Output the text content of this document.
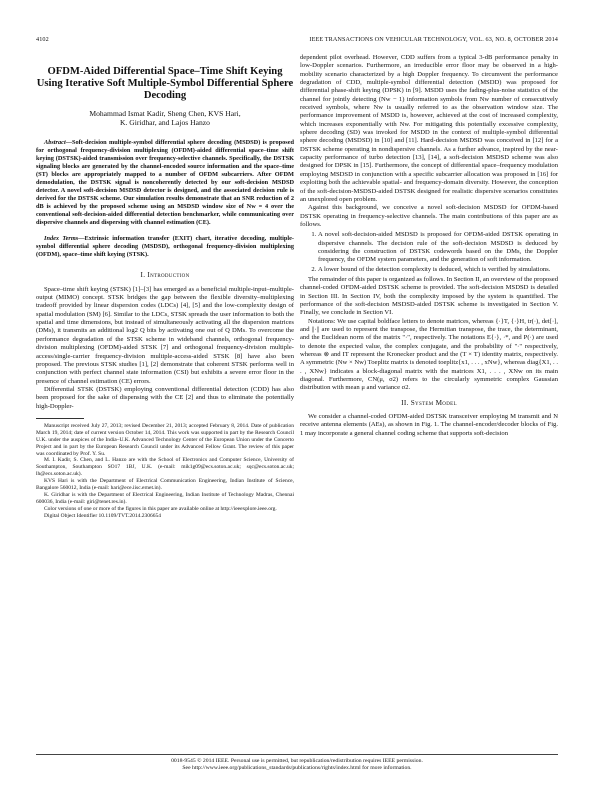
4102	IEEE TRANSACTIONS ON VEHICULAR TECHNOLOGY, VOL. 63, NO. 8, OCTOBER 2014
OFDM-Aided Differential Space–Time Shift Keying Using Iterative Soft Multiple-Symbol Differential Sphere Decoding
Mohammad Ismat Kadir, Sheng Chen, KVS Hari,
K. Giridhar, and Lajos Hanzo
Abstract—Soft-decision multiple-symbol differential sphere decoding (MSDSD) is proposed for orthogonal frequency-division multiplexing (OFDM)-aided differential space–time shift keying (DSTSK)-aided transmission over frequency-selective channels. Specifically, the DSTSK signaling blocks are generated by the channel-encoded source information and the space–time (ST) blocks are appropriately mapped to a number of OFDM subcarriers. After OFDM demodulation, the DSTSK signal is noncoherently detected by our soft-decision MSDSD detector. A novel soft-decision MSDSD detector is designed, and the associated decision rule is derived for the DSTSK scheme. Our simulation results demonstrate that an SNR reduction of 2 dB is achieved by the proposed scheme using an MSDSD window size of Nw = 4 over the conventional soft-decision-aided differential detection benchmarker, while communicating over dispersive channels and dispersing with channel estimation (CE).
Index Terms—Extrinsic information transfer (EXIT) chart, iterative decoding, multiple-symbol differential sphere decoding (MSDSD), orthogonal frequency-division multiplexing (OFDM), space–time shift keying (STSK).
I. Introduction

Space–time shift keying (STSK) [1]–[3] has emerged as a beneficial multiple-input–multiple-output (MIMO) concept. STSK bridges the gap between the flexible diversity–multiplexing tradeoff provided by linear dispersion codes (LDCs) [4], [5] and the low-complexity design of spatial modulation (SM) [6]. Similar to the LDCs, STSK spreads the user information to both the spatial and time dimensions, but instead of simultaneously activating all the dispersion matrices (DMs), it transmits an additional log2 Q bits by activating one out of Q DMs. To overcome the performance degradation of the STSK scheme in wideband channels, orthogonal frequency-division multiplexing (OFDM)-aided STSK [7] and orthogonal frequency-division multiple-access/single-carrier frequency-division multiple-access-aided STSK [8] have also been proposed. The previous STSK studies [1], [2] demonstrate that coherent STSK performs well in conjunction with perfect channel state information (CSI) but exhibits a severe error floor in the presence of channel estimation (CE) errors.

Differential STSK (DSTSK) employing conventional differential detection (CDD) has also been proposed for the sake of dispensing with the CE [2] and thus to eliminate the potentially high-Doppler-

Manuscript received July 27, 2013; revised December 21, 2013; accepted February 8, 2014. Date of publication March 19, 2014; date of current version October 14, 2014. This work was supported in part by the Research Council U.K. under the auspices of the India–U.K. Advanced Technology Center of the European Union under the Concerto Project and in part by the European Research Council under its Advanced Fellow Grant. The review of this paper was coordinated by Prof. Y. Su.

M. I. Kadir, S. Chen, and L. Hanzo are with the School of Electronics and Computer Science, University of Southampton, Southampton SO17 1BJ, U.K. (e-mail: mik1g09@ecs.soton.ac.uk; sqc@ecs.soton.ac.uk; lh@ecs.soton.ac.uk).

KVS Hari is with the Department of Electrical Communication Engineering, Indian Institute of Science, Bangalore 560012, India (e-mail: hari@ece.iisc.ernet.in).

K. Giridhar is with the Department of Electrical Engineering, Indian Institute of Technology Madras, Chennai 600036, India (e-mail: giri@tenet.res.in).

Color versions of one or more of the figures in this paper are available online at http://ieeexplore.ieee.org.

Digital Object Identifier 10.1109/TVT.2014.2306654

dependent pilot overhead. However, CDD suffers from a typical 3-dB performance penalty in low-Doppler scenarios. Furthermore, an irreducible error floor may be observed in a high-mobility scenario characterized by a high Doppler frequency. To circumvent the performance degradation of CDD, multiple-symbol differential detection (MSDD) was proposed for differential phase-shift keying (DPSK) in [9]. MSDD uses the fading-plus-noise statistics of the channel for jointly detecting (Nw − 1) information symbols from Nw number of consecutively received symbols, where Nw is usually referred to as the observation window size. The performance improvement of MSDD is, however, achieved at the cost of increased complexity, which increases exponentially with Nw. For mitigating this potentially excessive complexity, sphere decoding (SD) was invoked for MSDD in the context of multiple-symbol differential sphere decoding (MSDSD) in [10] and [11]. Hard-decision MSDSD was conceived in [12] for a DSTSK scheme operating in nondispersive channels. As a further advance, inspired by the near-capacity performance of turbo detection [13], [14], a soft-decision MSDSD scheme was also designed for DPSK in [15]. Furthermore, the concept of differential space–frequency modulation employing MSDSD in conjunction with a specific subcarrier allocation was proposed in [16] for exploiting both the achievable spatial- and frequency-domain diversity. However, the conception of the soft-decision-MSDSD-aided DSTSK designed for realistic dispersive scenarios constitutes an unexplored open problem.

Against this background, we conceive a novel soft-decision MSDSD for OFDM-based DSTSK operating in frequency-selective channels. The main contributions of this paper are as follows.

1. A novel soft-decision-aided MSDSD is proposed for OFDM-aided DSTSK operating in dispersive channels. The decision rule of the soft-decision MSDSD is deduced by considering the construction of DSTSK codewords based on the DMs, the Doppler frequency, the OFDM system parameters, and the generation of soft information.
2. A lower bound of the detection complexity is deduced, which is verified by simulations.

The remainder of this paper is organized as follows. In Section II, an overview of the proposed channel-coded OFDM-aided DSTSK scheme is provided. The soft-decision MSDSD is detailed in Section III. In Section IV, both the complexity imposed by the system is quantified. The performance of the soft-decision MSDSD-aided DSTSK scheme is investigated in Section V. Finally, we conclude in Section VI.

Notations: We use capital boldface letters to denote matrices, whereas {·}T, {·}H, tr(·), det[·], and ||·|| are used to represent the transpose, the Hermitian transpose, the trace, the determinant, and the Euclidean norm of the matrix "·", respectively. The notations E{·}, ·*, and P(·) are used to denote the expected value, the complex conjugate, and the probability of "·" respectively, whereas ⊗ and IT represent the Kronecker product and the (T × T) identity matrix, respectively. A symmetric (Nw × Nw) Toeplitz matrix is denoted toeplitz{x1, . . . , xNw}, whereas diag{X1, . . . , XNw} indicates a block-diagonal matrix with the matrices X1, . . . , XNw on its main diagonal. Furthermore, CN(μ, σ2) refers to the circularly symmetric complex Gaussian distribution with mean μ and variance σ2.

II. System Model

We consider a channel-coded OFDM-aided DSTSK transceiver employing M transmit and N receive antenna elements (AEs), as shown in Fig. 1. The channel-encoder/decoder blocks of Fig. 1 may incorporate a general channel coding scheme that supports soft-decision

0018-9545 © 2014 IEEE. Personal use is permitted, but republication/redistribution requires IEEE permission.
See http://www.ieee.org/publications_standards/publications/rights/index.html for more information.
